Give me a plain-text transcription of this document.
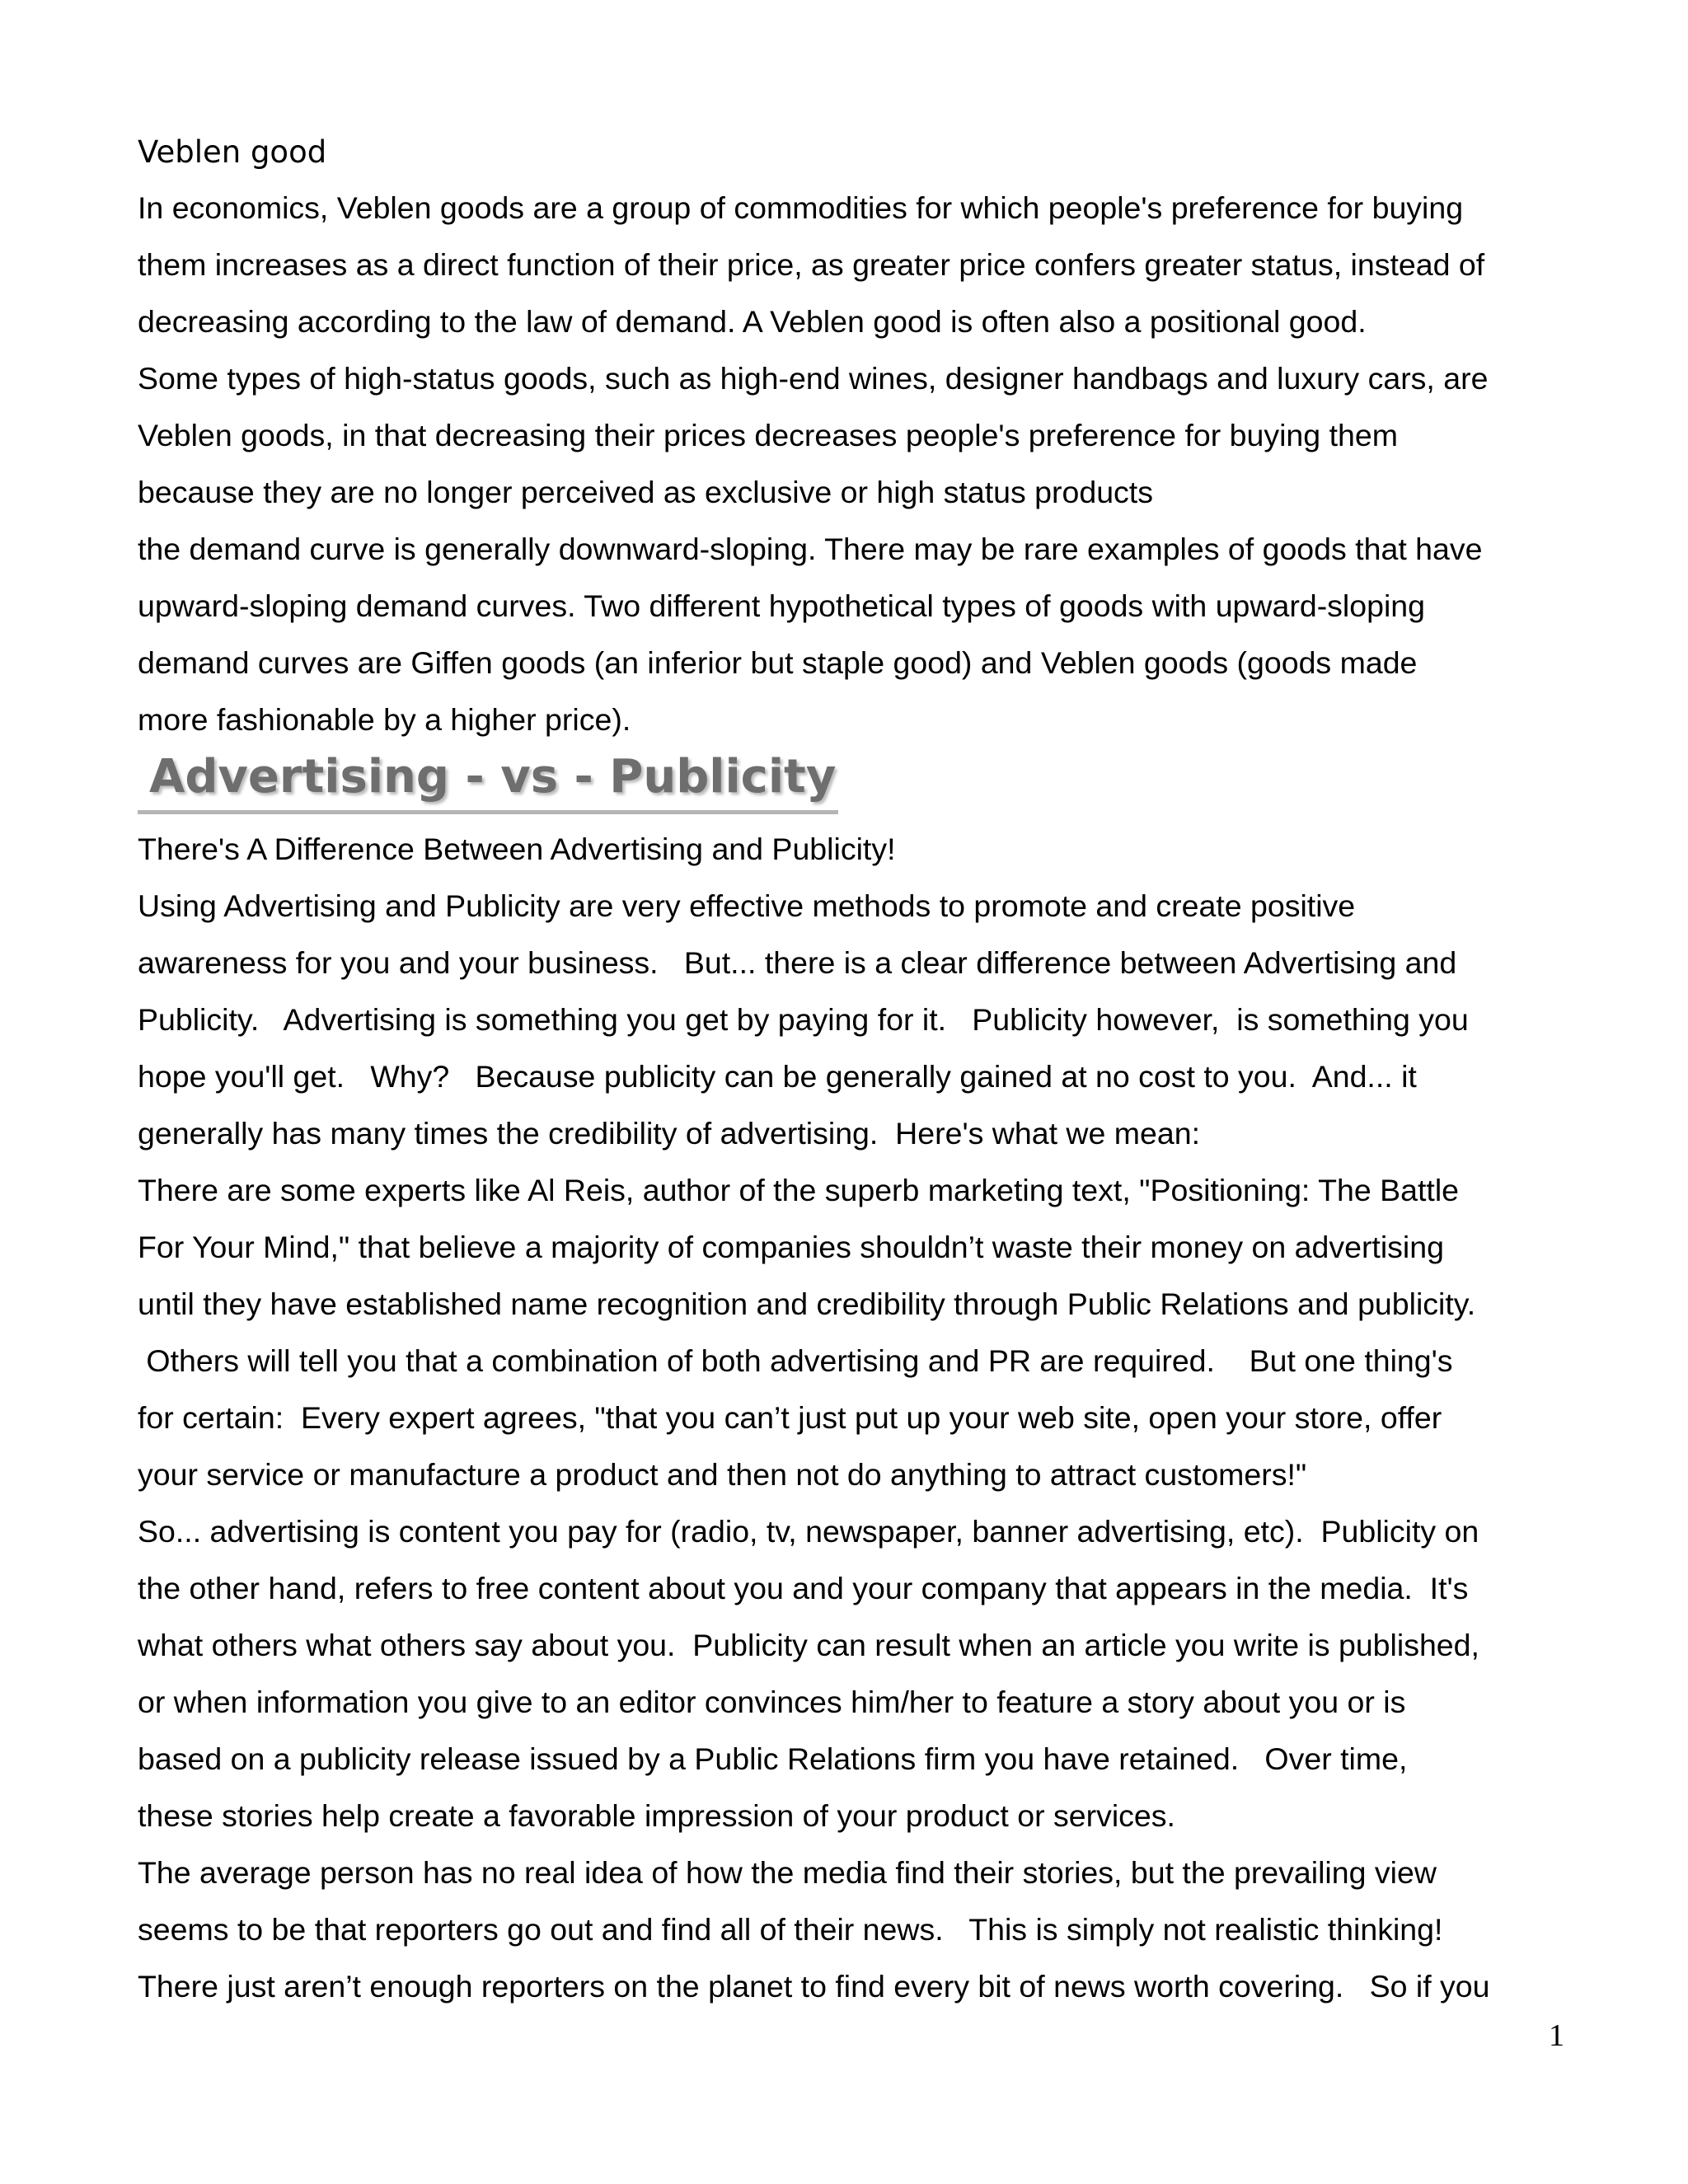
Veblen good

In economics, Veblen goods are a group of commodities for which people's preference for buying

them increases as a direct function of their price, as greater price confers greater status, instead of

decreasing according to the law of demand. A Veblen good is often also a positional good.

Some types of high-status goods, such as high-end wines, designer handbags and luxury cars, are

Veblen goods, in that decreasing their prices decreases people's preference for buying them

because they are no longer perceived as exclusive or high status products

the demand curve is generally downward-sloping. There may be rare examples of goods that have

upward-sloping demand curves. Two different hypothetical types of goods with upward-sloping

demand curves are Giffen goods (an inferior but staple good) and Veblen goods (goods made

more fashionable by a higher price).

Advertising - vs - Publicity

There's A Difference Between Advertising and Publicity!

Using Advertising and Publicity are very effective methods to promote and create positive

awareness for you and your business.   But... there is a clear difference between Advertising and

Publicity.   Advertising is something you get by paying for it.   Publicity however,  is something you

hope you'll get.   Why?   Because publicity can be generally gained at no cost to you.  And... it

generally has many times the credibility of advertising.  Here's what we mean:

There are some experts like Al Reis, author of the superb marketing text, "Positioning: The Battle

For Your Mind," that believe a majority of companies shouldn’t waste their money on advertising

until they have established name recognition and credibility through Public Relations and publicity.

Others will tell you that a combination of both advertising and PR are required.    But one thing's

for certain:  Every expert agrees, "that you can’t just put up your web site, open your store, offer

your service or manufacture a product and then not do anything to attract customers!"

So... advertising is content you pay for (radio, tv, newspaper, banner advertising, etc).  Publicity on

the other hand, refers to free content about you and your company that appears in the media.  It's

what others what others say about you.  Publicity can result when an article you write is published,

or when information you give to an editor convinces him/her to feature a story about you or is

based on a publicity release issued by a Public Relations firm you have retained.   Over time,

these stories help create a favorable impression of your product or services.

The average person has no real idea of how the media find their stories, but the prevailing view

seems to be that reporters go out and find all of their news.   This is simply not realistic thinking!

There just aren’t enough reporters on the planet to find every bit of news worth covering.   So if you

1
